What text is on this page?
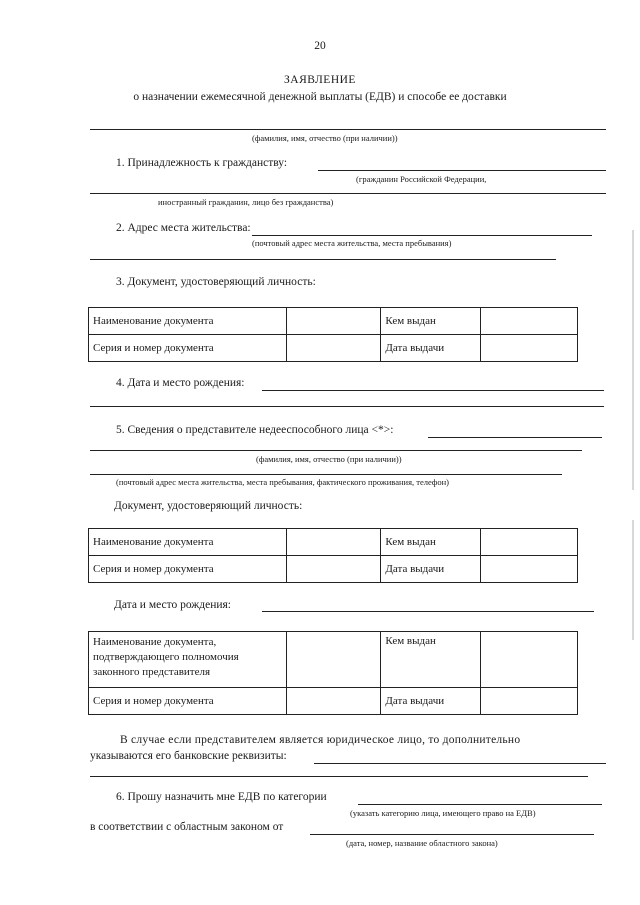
20
ЗАЯВЛЕНИЕ
о назначении ежемесячной денежной выплаты (ЕДВ) и способе ее доставки
(фамилия, имя, отчество (при наличии))
1. Принадлежность к гражданству:
(гражданин Российской Федерации,
иностранный гражданин, лицо без гражданства)
2. Адрес места жительства:
(почтовый адрес места жительства, места пребывания)
3. Документ, удостоверяющий личность:
Наименование документа		Кем выдан	
Серия и номер документа		Дата выдачи	
4. Дата и место рождения:
5. Сведения о представителе недееспособного лица <*>:
(фамилия, имя, отчество (при наличии))
(почтовый адрес места жительства, места пребывания, фактического проживания, телефон)
Документ, удостоверяющий личность:
Наименование документа		Кем выдан	
Серия и номер документа		Дата выдачи	
Дата и место рождения:
Наименование документа,
подтверждающего полномочия
законного представителя		Кем выдан	
Серия и номер документа		Дата выдачи	
В случае если представителем является юридическое лицо, то дополнительно
указываются его банковские реквизиты:
6. Прошу назначить мне ЕДВ по категории
(указать категорию лица, имеющего право на ЕДВ)
в соответствии с областным законом от
(дата, номер, название областного закона)
